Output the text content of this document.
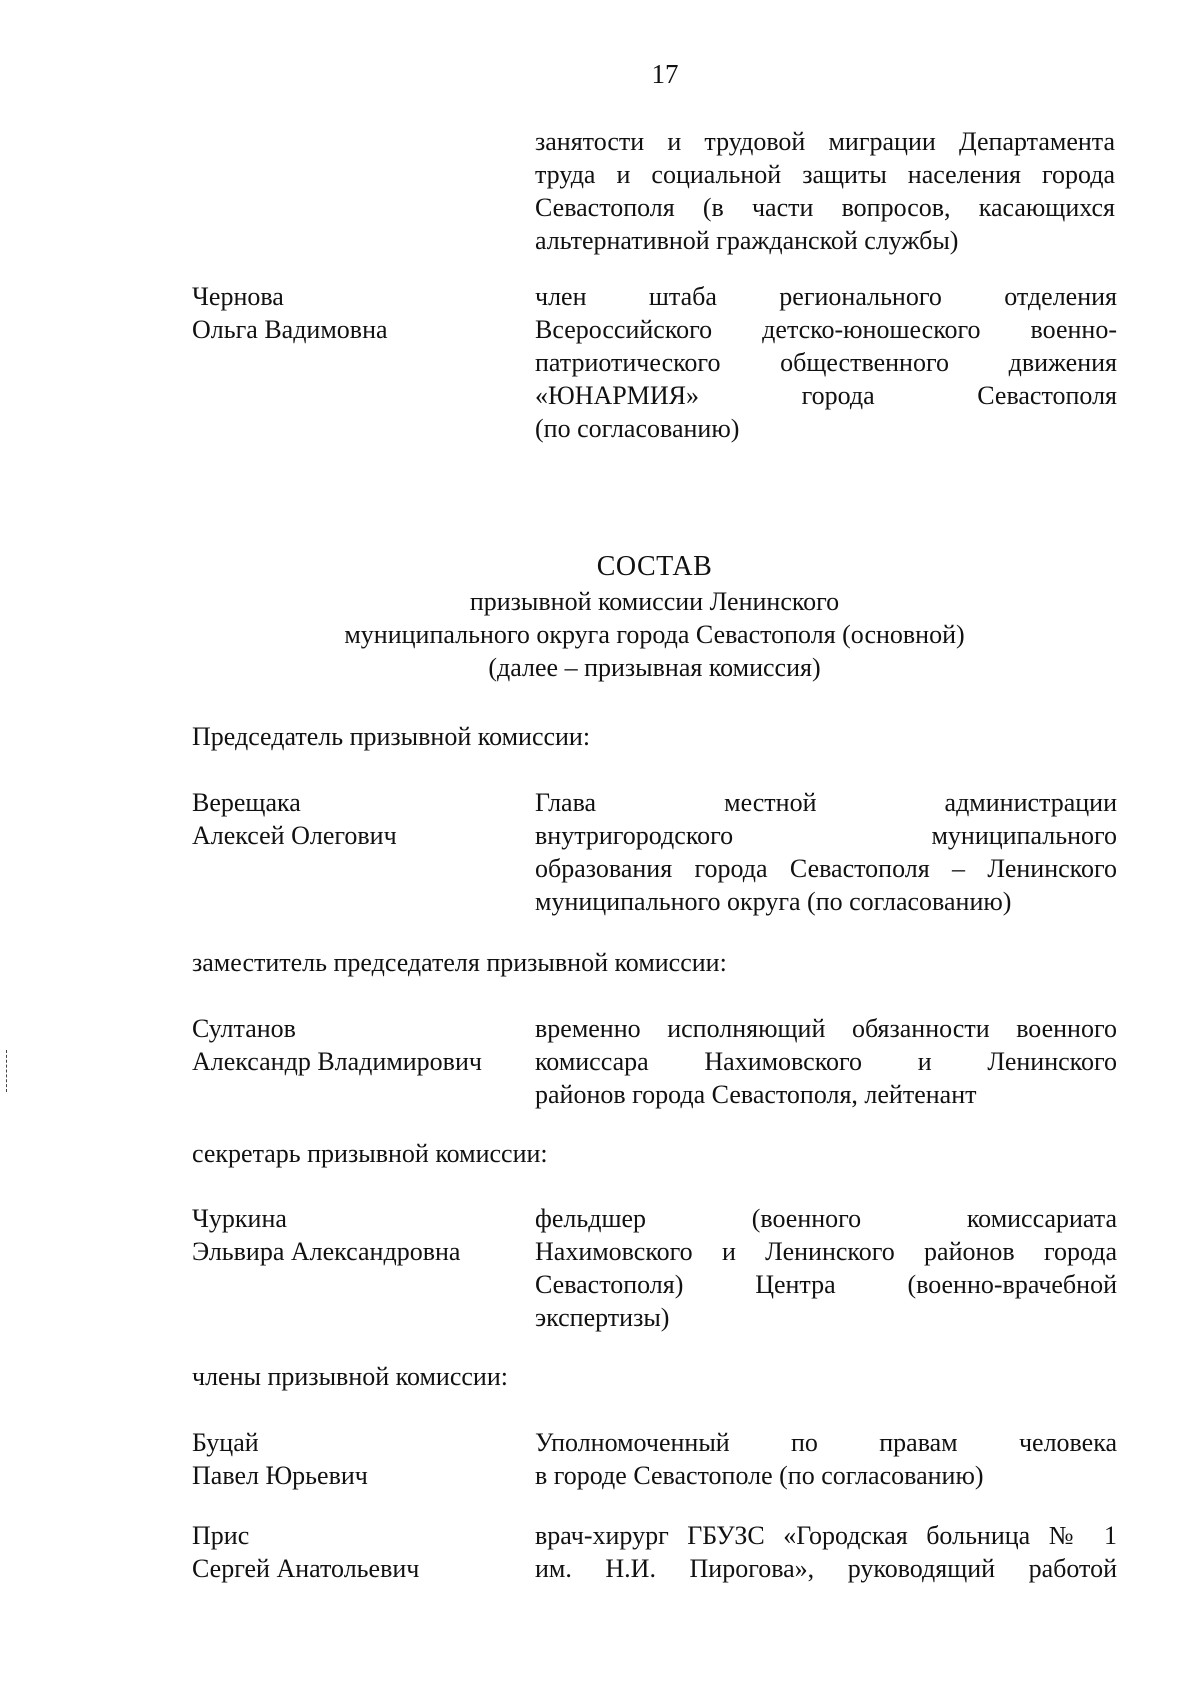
17
занятости и трудовой миграции Департамента
труда и социальной защиты населения города
Севастополя (в части вопросов, касающихся
альтернативной гражданской службы)
Чернова
Ольга Вадимовна
член штаба регионального отделения
Всероссийского детско-юношеского военно-
патриотического общественного движения
«ЮНАРМИЯ» города Севастополя
(по согласованию)
СОСТАВ
призывной комиссии Ленинского
муниципального округа города Севастополя (основной)
(далее – призывная комиссия)
Председатель призывной комиссии:
Верещака
Алексей Олегович
Глава местной администрации
внутригородского муниципального
образования города Севастополя – Ленинского
муниципального округа (по согласованию)
заместитель председателя призывной комиссии:
Султанов
Александр Владимирович
временно исполняющий обязанности военного
комиссара Нахимовского и Ленинского
районов города Севастополя, лейтенант
секретарь призывной комиссии:
Чуркина
Эльвира Александровна
фельдшер (военного комиссариата
Нахимовского и Ленинского районов города
Севастополя) Центра (военно-врачебной
экспертизы)
члены призывной комиссии:
Буцай
Павел Юрьевич
Уполномоченный по правам человека
в городе Севастополе (по согласованию)
Прис
Сергей Анатольевич
врач-хирург ГБУЗС «Городская больница № 1
им. Н.И. Пирогова», руководящий работой
